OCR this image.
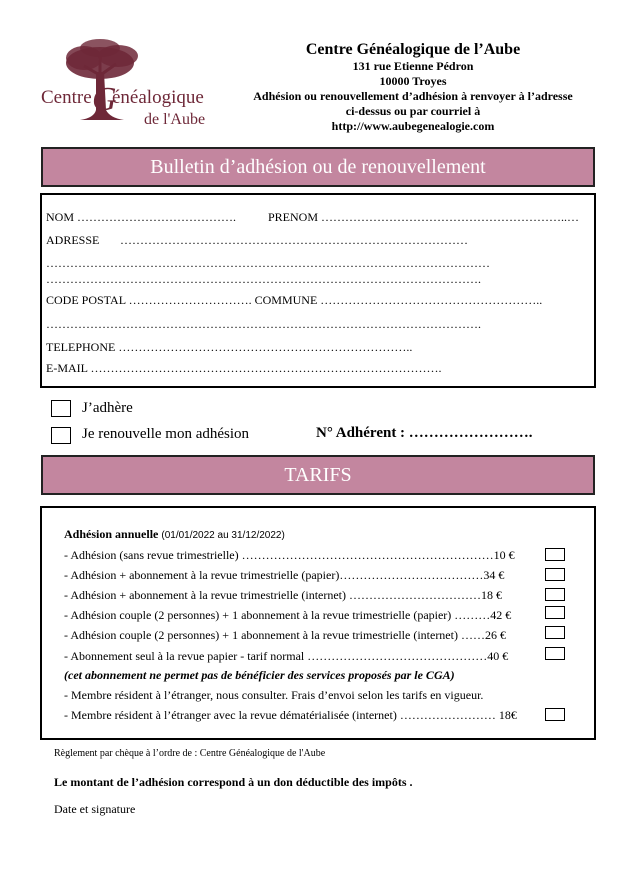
Centre G
énéalogique
de l'Aube
Centre Généalogique de l’Aube
131 rue Etienne Pédron
10000 Troyes
Adhésion ou renouvellement d’adhésion à renvoyer à l’adresse
ci-dessus ou par courriel à
http://www.aubegenealogie.com
Bulletin d’adhésion ou de renouvellement
NOM ………………………………….	PRENOM ……………………………………………………..…
ADRESSE ……………………………………………………………………………
…………………………………………………………………………………………………
……………………………………………………………………………………………….
CODE POSTAL …………………………. COMMUNE ………………………………………………..
……………………………………………………………………………………………….
TELEPHONE ………………………………………………………………..
E-MAIL …………………………………………………………………………….
J’adhère
Je renouvelle mon adhésion	N° Adhérent : …………………….
TARIFS
Adhésion annuelle (01/01/2022 au 31/12/2022)
- Adhésion (sans revue trimestrielle) ………………………………………………………10 €
- Adhésion + abonnement à la revue trimestrielle (papier)………………………………34 €
- Adhésion + abonnement à la revue trimestrielle (internet) ……………………………18 €
- Adhésion couple (2 personnes) + 1 abonnement à la revue trimestrielle (papier) ………42 €
- Adhésion couple (2 personnes) + 1 abonnement à la revue trimestrielle (internet) ……26 €
- Abonnement seul à la revue papier - tarif normal ………………………………………40 €
(cet abonnement ne permet pas de bénéficier des services proposés par le CGA)
- Membre résident à l’étranger, nous consulter. Frais d’envoi selon les tarifs en vigueur.
- Membre résident à l’étranger avec la revue dématérialisée (internet) …………………… 18€
Règlement par chèque à l’ordre de : Centre Généalogique de l'Aube
Le montant de l’adhésion correspond à un don déductible des impôts .
Date et signature
